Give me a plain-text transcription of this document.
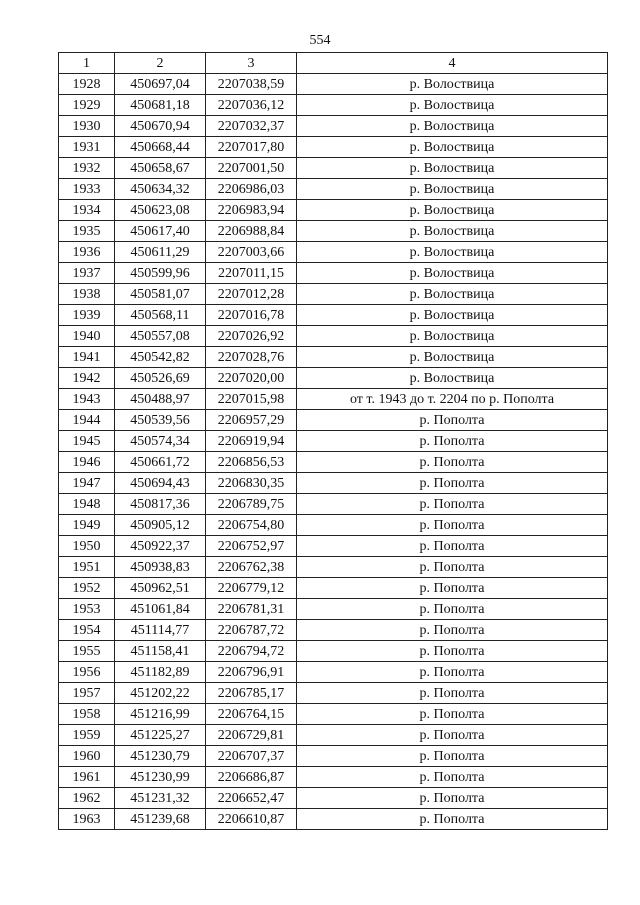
554
1	2	3	4
1928	450697,04	2207038,59	р. Волоствица
1929	450681,18	2207036,12	р. Волоствица
1930	450670,94	2207032,37	р. Волоствица
1931	450668,44	2207017,80	р. Волоствица
1932	450658,67	2207001,50	р. Волоствица
1933	450634,32	2206986,03	р. Волоствица
1934	450623,08	2206983,94	р. Волоствица
1935	450617,40	2206988,84	р. Волоствица
1936	450611,29	2207003,66	р. Волоствица
1937	450599,96	2207011,15	р. Волоствица
1938	450581,07	2207012,28	р. Волоствица
1939	450568,11	2207016,78	р. Волоствица
1940	450557,08	2207026,92	р. Волоствица
1941	450542,82	2207028,76	р. Волоствица
1942	450526,69	2207020,00	р. Волоствица
1943	450488,97	2207015,98	от т. 1943 до т. 2204 по р. Пополта
1944	450539,56	2206957,29	р. Пополта
1945	450574,34	2206919,94	р. Пополта
1946	450661,72	2206856,53	р. Пополта
1947	450694,43	2206830,35	р. Пополта
1948	450817,36	2206789,75	р. Пополта
1949	450905,12	2206754,80	р. Пополта
1950	450922,37	2206752,97	р. Пополта
1951	450938,83	2206762,38	р. Пополта
1952	450962,51	2206779,12	р. Пополта
1953	451061,84	2206781,31	р. Пополта
1954	451114,77	2206787,72	р. Пополта
1955	451158,41	2206794,72	р. Пополта
1956	451182,89	2206796,91	р. Пополта
1957	451202,22	2206785,17	р. Пополта
1958	451216,99	2206764,15	р. Пополта
1959	451225,27	2206729,81	р. Пополта
1960	451230,79	2206707,37	р. Пополта
1961	451230,99	2206686,87	р. Пополта
1962	451231,32	2206652,47	р. Пополта
1963	451239,68	2206610,87	р. Пополта
